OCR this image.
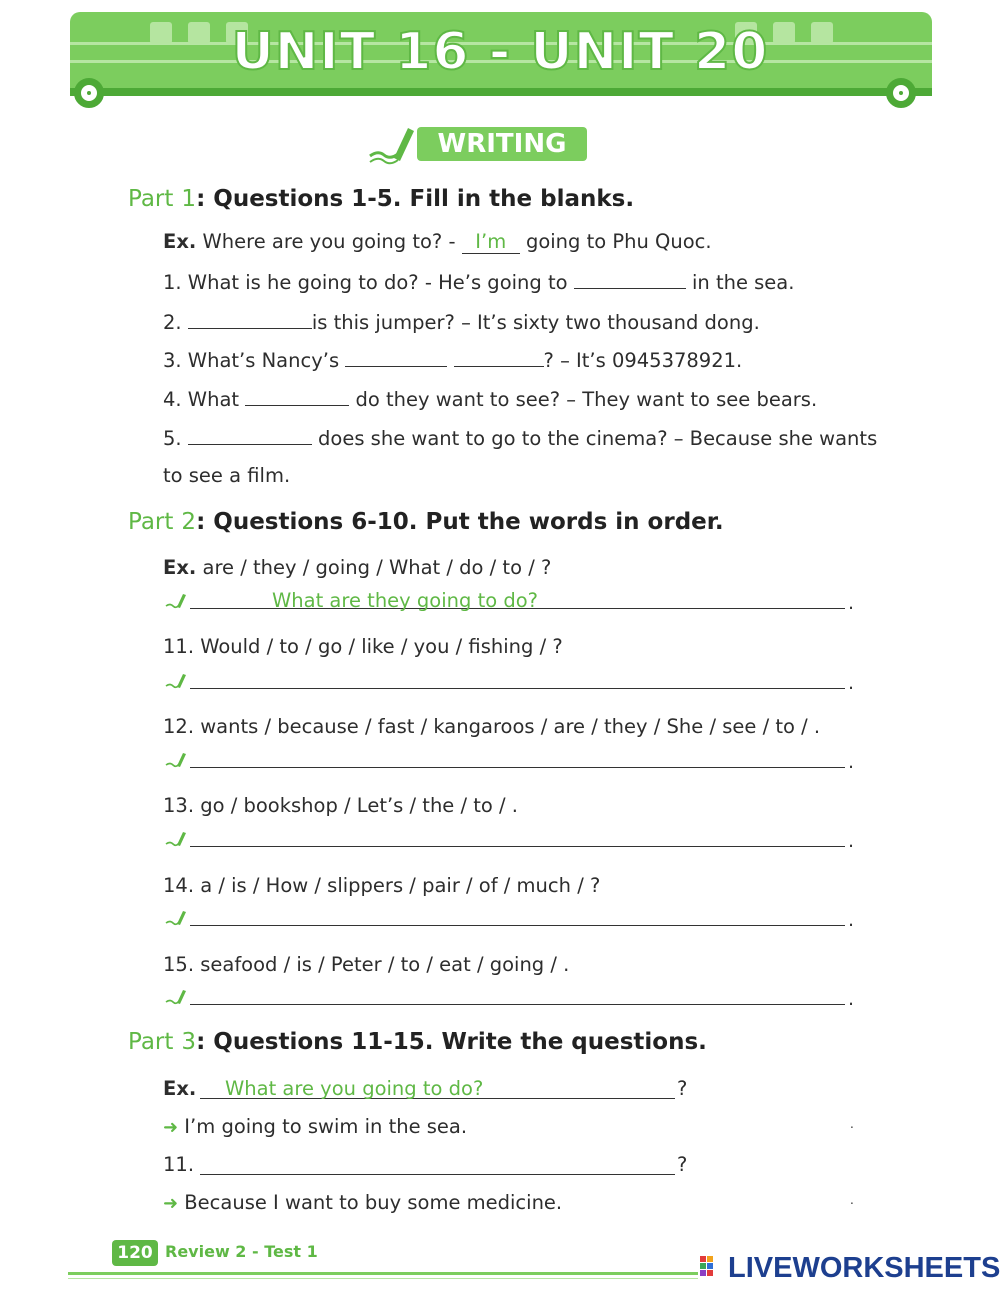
UNIT 16 - UNIT 20
WRITING
Part 1: Questions 1-5. Fill in the blanks.
Ex. Where are you going to? - I’m going to Phu Quoc.
1. What is he going to do? - He’s going to	in the sea.
2.	is this jumper? – It’s sixty two thousand dong.
3. What’s Nancy’s	? – It’s 0945378921.
4. What	do they want to see? – They want to see bears.
5.	does she want to go to the cinema? – Because she wants
to see a film.
Part 2: Questions 6-10. Put the words in order.
Ex. are / they / going / What / do / to / ?
What are they going to do?	.
11. Would / to / go / like / you / fishing / ?
.
12. wants / because / fast / kangaroos / are / they / She / see / to / .
.
13. go / bookshop / Let’s / the / to / .
.
14. a / is / How / slippers / pair / of / much / ?
.
15. seafood / is / Peter / to / eat / going / .
.
Part 3: Questions 11-15. Write the questions.
Ex. What are you going to do?	?
➜ I’m going to swim in the sea.	.
11.	?
➜ Because I want to buy some medicine.	.
120 Review 2 - Test 1
LIVEWORKSHEETS
